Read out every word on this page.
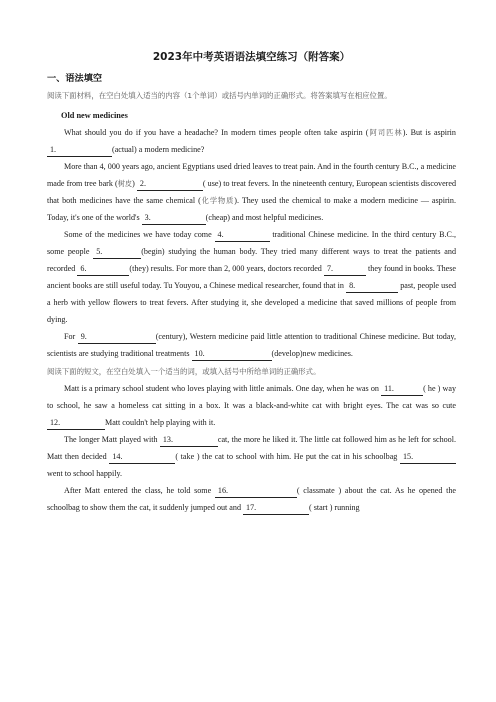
2023年中考英语语法填空练习（附答案）
一、语法填空
阅读下面材料，在空白处填入适当的内容（1个单词）或括号内单词的正确形式。将答案填写在相应位置。
Old new medicines

What should you do if you have a headache? In modern times people often take aspirin (阿司匹林). But is aspirin 1.	(actual) a modern medicine?

More than 4, 000 years ago, ancient Egyptians used dried leaves to treat pain. And in the fourth century B.C., a medicine made from tree bark (树皮) 2.	( use) to treat fevers. In the nineteenth century, European scientists discovered that both medicines have the same chemical (化学物质). They used the chemical to make a modern medicine — aspirin. Today, it's one of the world's 3.	(cheap) and most helpful medicines.

Some of the medicines we have today come 4.	traditional Chinese medicine. In the third century B.C., some people 5.	(begin) studying the human body. They tried many different ways to treat the patients and recorded 6.	(they) results. For more than 2, 000 years, doctors recorded 7.	they found in books. These ancient books are still useful today. Tu Youyou, a Chinese medical researcher, found that in 8.	past, people used a herb with yellow flowers to treat fevers. After studying it, she developed a medicine that saved millions of people from dying.

For 9.	(century), Western medicine paid little attention to traditional Chinese medicine. But today, scientists are studying traditional treatments 10.	(develop)new medicines.

阅读下面的短文，在空白处填入一个适当的词，或填入括号中所给单词的正确形式。

Matt is a primary school student who loves playing with little animals. One day, when he was on 11.	( he ) way to school, he saw a homeless cat sitting in a box. It was a black-and-white cat with bright eyes. The cat was so cute 12.	Matt couldn't help playing with it.

The longer Matt played with 13.	cat, the more he liked it. The little cat followed him as he left for school. Matt then decided 14.	( take ) the cat to school with him. He put the cat in his schoolbag 15.went to school happily.

After Matt entered the class, he told some 16.	( classmate ) about the cat. As he opened the schoolbag to show them the cat, it suddenly jumped out and 17.	( start ) running
